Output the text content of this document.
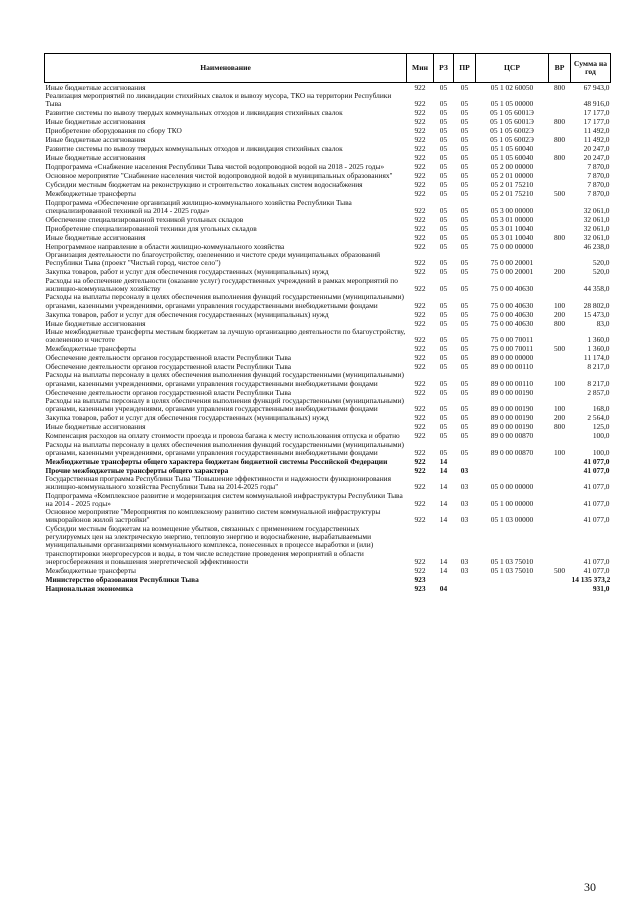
Наименование	Мин	РЗ	ПР	ЦСР	ВР	Сумма на год
Иные бюджетные ассигнования	922	05	05	05 1 02 60050	800	67 943,0
Реализация мероприятий по ликвидации стихийных свалок и вывозу мусора, ТКО на территории Республики Тыва	922	05	05	05 1 05 00000		48 916,0
Развитие системы по вывозу твердых коммунальных отходов и ликвидация стихийных свалок	922	05	05	05 1 05 6001Э		17 177,0
Иные бюджетные ассигнования	922	05	05	05 1 05 6001Э	800	17 177,0
Приобретение оборудования по сбору ТКО	922	05	05	05 1 05 6002Э		11 492,0
Иные бюджетные ассигнования	922	05	05	05 1 05 6002Э	800	11 492,0
Развитие системы по вывозу твердых коммунальных отходов и ликвидация стихийных свалок	922	05	05	05 1 05 60040		20 247,0
Иные бюджетные ассигнования	922	05	05	05 1 05 60040	800	20 247,0
Подпрограмма «Снабжение населения Республики Тыва чистой водопроводной водой на 2018 - 2025 годы»	922	05	05	05 2 00 00000		7 870,0
Основное мероприятие "Снабжение населения чистой водопроводной водой в муниципальных образованиях"	922	05	05	05 2 01 00000		7 870,0
Субсидии местным бюджетам на реконструкцию и строительство локальных систем водоснабжения	922	05	05	05 2 01 75210		7 870,0
Межбюджетные трансферты	922	05	05	05 2 01 75210	500	7 870,0
Подпрограмма «Обеспечение организаций жилищно-коммунального хозяйства Республики Тыва специализированной техникой на 2014 - 2025 годы»	922	05	05	05 3 00 00000		32 061,0
Обеспечение специализированной техникой угольных складов	922	05	05	05 3 01 00000		32 061,0
Приобретение специализированной техники для угольных складов	922	05	05	05 3 01 10040		32 061,0
Иные бюджетные ассигнования	922	05	05	05 3 01 10040	800	32 061,0
Непрограммное направление в области жилищно-коммунального хозяйства	922	05	05	75 0 00 00000		46 238,0
Организация деятельности по благоустройству, озеленению и чистоте среди муниципальных образований Республики Тыва (проект "Чистый город, чистое село")	922	05	05	75 0 00 20001		520,0
Закупка товаров, работ и услуг для обеспечения государственных (муниципальных) нужд	922	05	05	75 0 00 20001	200	520,0
Расходы на обеспечение деятельности (оказание услуг) государственных учреждений в рамках мероприятий по жилищно-коммунальному хозяйству	922	05	05	75 0 00 40630		44 358,0
Расходы на выплаты персоналу в целях обеспечения выполнения функций государственными (муниципальными) органами, казенными учреждениями, органами управления государственными внебюджетными фондами	922	05	05	75 0 00 40630	100	28 802,0
Закупка товаров, работ и услуг для обеспечения государственных (муниципальных) нужд	922	05	05	75 0 00 40630	200	15 473,0
Иные бюджетные ассигнования	922	05	05	75 0 00 40630	800	83,0
Иные межбюджетные трансферты местным бюджетам за лучшую организацию деятельности по благоустройству, озеленению и чистоте	922	05	05	75 0 00 70011		1 360,0
Межбюджетные трансферты	922	05	05	75 0 00 70011	500	1 360,0
Обеспечение деятельности органов государственной власти Республики Тыва	922	05	05	89 0 00 00000		11 174,0
Обеспечение деятельности органов государственной власти Республики Тыва	922	05	05	89 0 00 00110		8 217,0
Расходы на выплаты персоналу в целях обеспечения выполнения функций государственными (муниципальными) органами, казенными учреждениями, органами управления государственными внебюджетными фондами	922	05	05	89 0 00 00110	100	8 217,0
Обеспечение деятельности органов государственной власти Республики Тыва	922	05	05	89 0 00 00190		2 857,0
Расходы на выплаты персоналу в целях обеспечения выполнения функций государственными (муниципальными) органами, казенными учреждениями, органами управления государственными внебюджетными фондами	922	05	05	89 0 00 00190	100	168,0
Закупка товаров, работ и услуг для обеспечения государственных (муниципальных) нужд	922	05	05	89 0 00 00190	200	2 564,0
Иные бюджетные ассигнования	922	05	05	89 0 00 00190	800	125,0
Компенсация расходов на оплату стоимости проезда и провоза багажа к месту использования отпуска и обратно	922	05	05	89 0 00 00870		100,0
Расходы на выплаты персоналу в целях обеспечения выполнения функций государственными (муниципальными) органами, казенными учреждениями, органами управления государственными внебюджетными фондами	922	05	05	89 0 00 00870	100	100,0
Межбюджетные трансферты общего характера бюджетам бюджетной системы Российской Федерации	922	14				41 077,0
Прочие межбюджетные трансферты общего характера	922	14	03			41 077,0
Государственная программа Республики Тыва "Повышение эффективности и надежности функционирования жилищно-коммунального хозяйства Республики Тыва на 2014-2025 годы"	922	14	03	05 0 00 00000		41 077,0
Подпрограмма «Комплексное развитие и модернизация систем коммунальной инфраструктуры Республики Тыва на 2014 - 2025 годы»	922	14	03	05 1 00 00000		41 077,0
Основное мероприятие "Мероприятия по комплексному развитию систем коммунальной инфраструктуры микрорайонов жилой застройки"	922	14	03	05 1 03 00000		41 077,0
Субсидии местным бюджетам на возмещение убытков, связанных с применением государственных регулируемых цен на электрическую энергию, тепловую энергию и водоснабжение, вырабатываемыми муниципальными организациями коммунального комплекса, понесенных в процессе выработки и (или) транспортировки энергоресурсов и воды, в том числе вследствие проведения мероприятий в области энергосбережения и повышения энергетической эффективности	922	14	03	05 1 03 75010		41 077,0
Межбюджетные трансферты	922	14	03	05 1 03 75010	500	41 077,0
Министерство образования Республики Тыва	923					14 135 373,2
Национальная экономика	923	04				931,0
30
